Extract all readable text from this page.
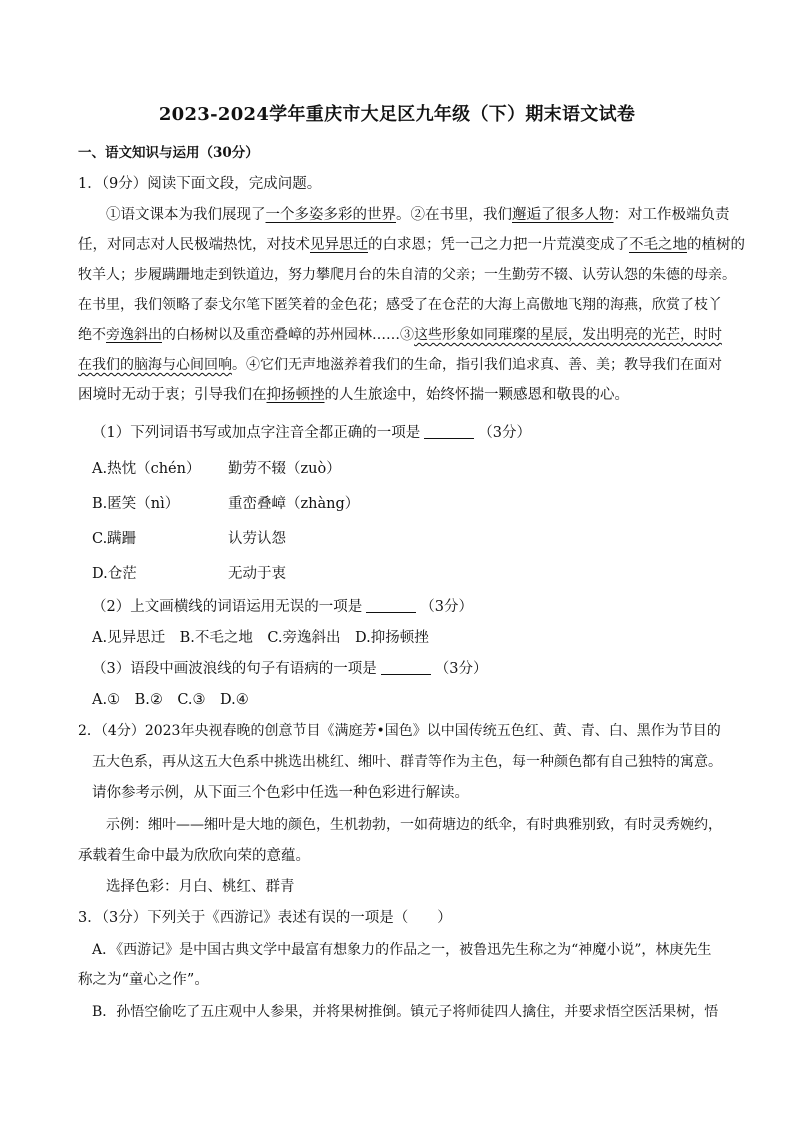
2023-2024学年重庆市大足区九年级（下）期末语文试卷
一、语文知识与运用（30分）
1．（9分）阅读下面文段，完成问题。
①语文课本为我们展现了一个多姿多彩的世界。②在书里，我们邂逅了很多人物：对工作极端负责
任，对同志对人民极端热忱，对技术见异思迁的白求恩；凭一己之力把一片荒漠变成了不毛之地的植树的
牧羊人；步履蹒跚地走到铁道边，努力攀爬月台的朱自清的父亲；一生勤劳不辍、认劳认怨的朱德的母亲。
在书里，我们领略了泰戈尔笔下匿笑着的金色花；感受了在仓茫的大海上高傲地飞翔的海燕，欣赏了枝丫
绝不旁逸斜出的白杨树以及重峦叠嶂的苏州园林……③这些形象如同璀璨的星辰，发出明亮的光芒，时时
在我们的脑海与心间回响。④它们无声地滋养着我们的生命，指引我们追求真、善、美；教导我们在面对
困境时无动于衷；引导我们在抑扬顿挫的人生旅途中，始终怀揣一颗感恩和敬畏的心。
（1）下列词语书写或加点字注音全都正确的一项是	（3分）
A.热忱（chén） 勤劳不辍（zuò）
B.匿笑（nì）	重峦叠嶂（zhàng）
C.蹒跚	认劳认怨
D.仓茫	无动于衷
（2）上文画横线的词语运用无误的一项是	（3分）
A.见异思迁　B.不毛之地　C.旁逸斜出　D.抑扬顿挫
（3）语段中画波浪线的句子有语病的一项是	（3分）
A.①　B.②　C.③　D.④
2．（4分）2023年央视春晚的创意节目《满庭芳•国色》以中国传统五色红、黄、青、白、黑作为节目的
五大色系，再从这五大色系中挑选出桃红、缃叶、群青等作为主色，每一种颜色都有自己独特的寓意。
请你参考示例，从下面三个色彩中任选一种色彩进行解读。
示例：缃叶——缃叶是大地的颜色，生机勃勃，一如荷塘边的纸伞，有时典雅别致，有时灵秀婉约，
承载着生命中最为欣欣向荣的意蕴。
选择色彩：月白、桃红、群青
3．（3分）下列关于《西游记》表述有误的一项是（　　）
A．《西游记》是中国古典文学中最富有想象力的作品之一，被鲁迅先生称之为“神魔小说”，林庚先生
称之为“童心之作”。
B．孙悟空偷吃了五庄观中人参果，并将果树推倒。镇元子将师徒四人擒住，并要求悟空医活果树，悟
